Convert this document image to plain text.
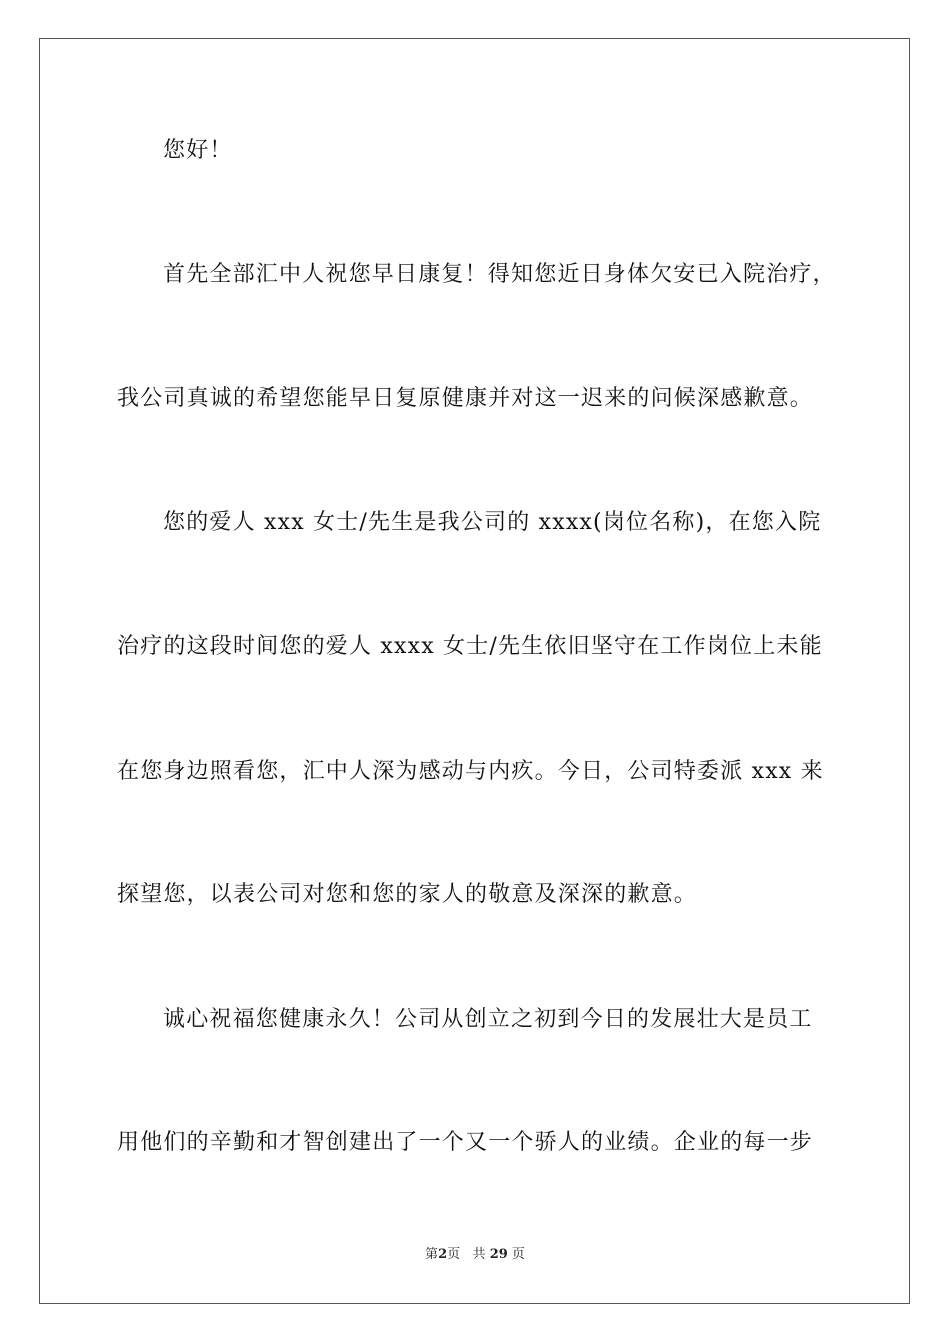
您好！
首先全部汇中人祝您早日康复！得知您近日身体欠安已入院治疗，
我公司真诚的希望您能早日复原健康并对这一迟来的问候深感歉意。
您的爱人 xxx 女士/先生是我公司的 xxxx(岗位名称)，在您入院
治疗的这段时间您的爱人 xxxx 女士/先生依旧坚守在工作岗位上未能
在您身边照看您，汇中人深为感动与内疚。今日，公司特委派 xxx 来
探望您，以表公司对您和您的家人的敬意及深深的歉意。
诚心祝福您健康永久！公司从创立之初到今日的发展壮大是员工
用他们的辛勤和才智创建出了一个又一个骄人的业绩。企业的每一步
第2页 共 29 页
